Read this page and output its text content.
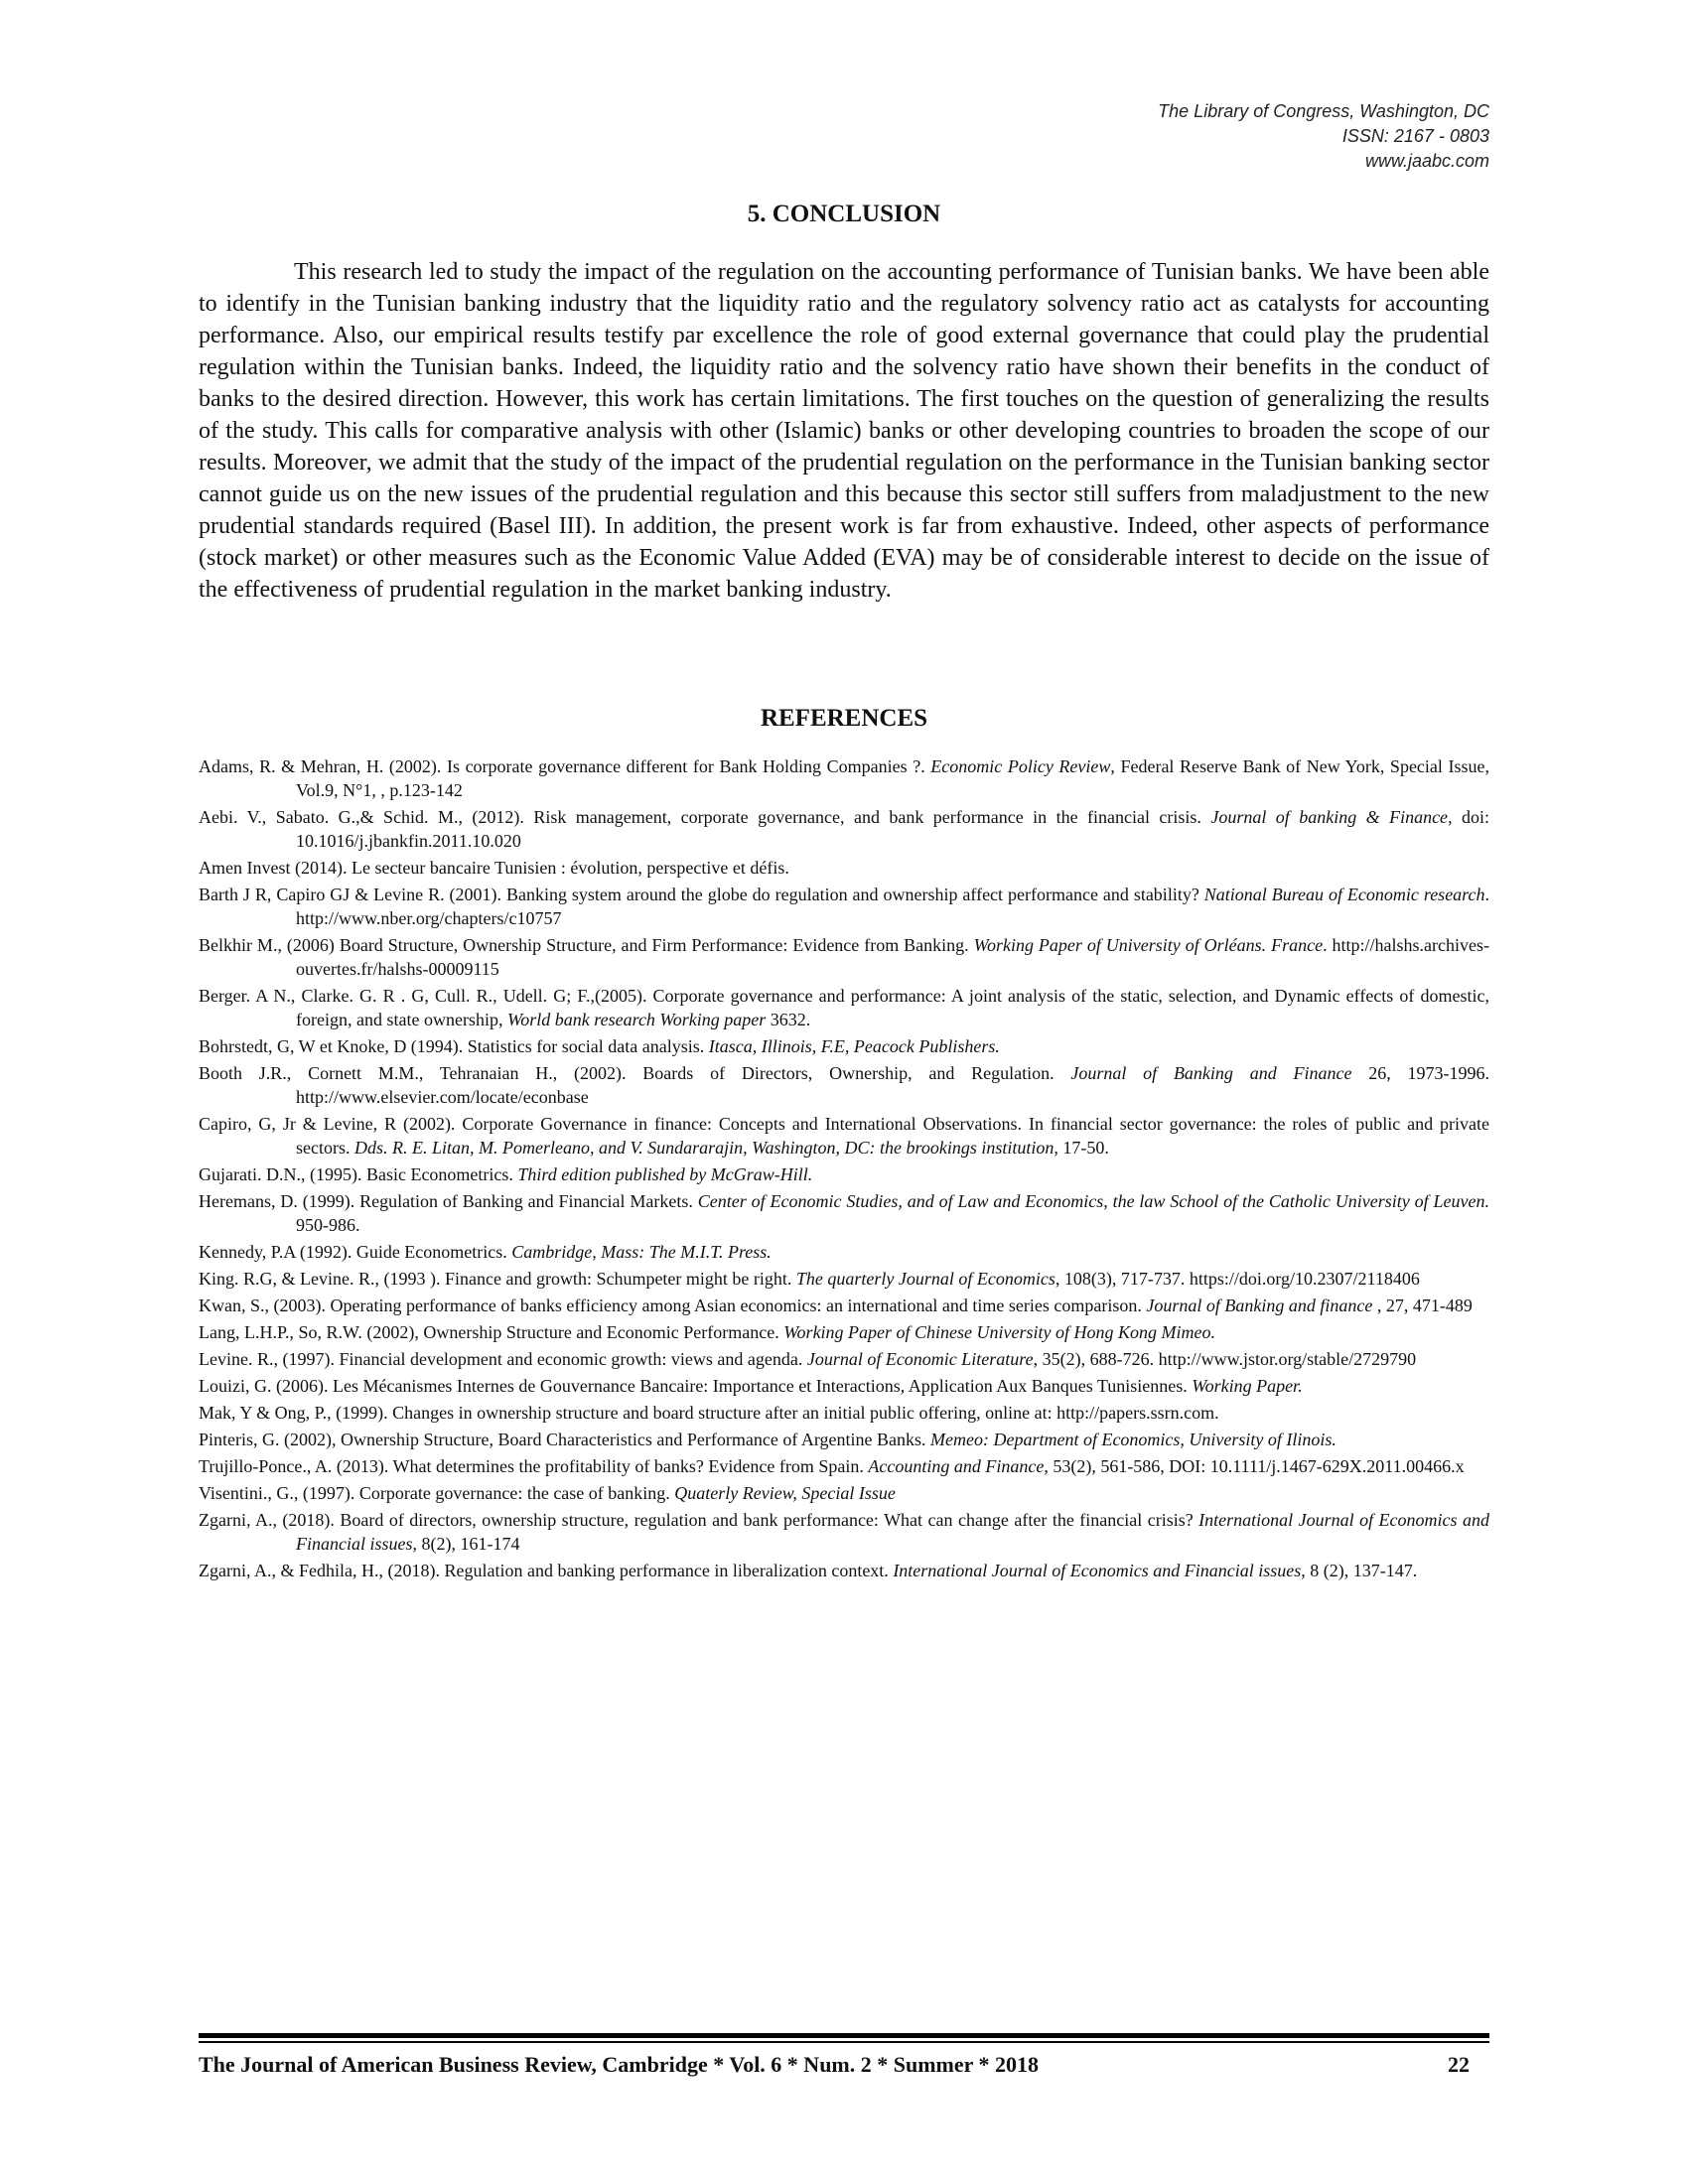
The Library of Congress, Washington, DC
ISSN: 2167 - 0803
www.jaabc.com
5. CONCLUSION

This research led to study the impact of the regulation on the accounting performance of Tunisian banks. We have been able to identify in the Tunisian banking industry that the liquidity ratio and the regulatory solvency ratio act as catalysts for accounting performance. Also, our empirical results testify par excellence the role of good external governance that could play the prudential regulation within the Tunisian banks. Indeed, the liquidity ratio and the solvency ratio have shown their benefits in the conduct of banks to the desired direction. However, this work has certain limitations. The first touches on the question of generalizing the results of the study. This calls for comparative analysis with other (Islamic) banks or other developing countries to broaden the scope of our results. Moreover, we admit that the study of the impact of the prudential regulation on the performance in the Tunisian banking sector cannot guide us on the new issues of the prudential regulation and this because this sector still suffers from maladjustment to the new prudential standards required (Basel III). In addition, the present work is far from exhaustive. Indeed, other aspects of performance (stock market) or other measures such as the Economic Value Added (EVA) may be of considerable interest to decide on the issue of the effectiveness of prudential regulation in the market banking industry.

REFERENCES
Adams, R. & Mehran, H. (2002). Is corporate governance different for Bank Holding Companies ?. Economic Policy Review, Federal Reserve Bank of New York, Special Issue, Vol.9, N°1, , p.123-142
Aebi. V., Sabato. G.,& Schid. M., (2012). Risk management, corporate governance, and bank performance in the financial crisis. Journal of banking & Finance, doi: 10.1016/j.jbankfin.2011.10.020
Amen Invest (2014). Le secteur bancaire Tunisien : évolution, perspective et défis.
Barth J R, Capiro GJ & Levine R. (2001). Banking system around the globe do regulation and ownership affect performance and stability? National Bureau of Economic research. http://www.nber.org/chapters/c10757
Belkhir M., (2006) Board Structure, Ownership Structure, and Firm Performance: Evidence from Banking. Working Paper of University of Orléans. France. http://halshs.archives-ouvertes.fr/halshs-00009115
Berger. A N., Clarke. G. R . G, Cull. R., Udell. G; F.,(2005). Corporate governance and performance: A joint analysis of the static, selection, and Dynamic effects of domestic, foreign, and state ownership, World bank research Working paper 3632.
Bohrstedt, G, W et Knoke, D (1994). Statistics for social data analysis. Itasca, Illinois, F.E, Peacock Publishers.
Booth J.R., Cornett M.M., Tehranaian H., (2002). Boards of Directors, Ownership, and Regulation. Journal of Banking and Finance 26, 1973-1996. http://www.elsevier.com/locate/econbase
Capiro, G, Jr & Levine, R (2002). Corporate Governance in finance: Concepts and International Observations. In financial sector governance: the roles of public and private sectors. Dds. R. E. Litan, M. Pomerleano, and V. Sundararajin, Washington, DC: the brookings institution, 17-50.
Gujarati. D.N., (1995). Basic Econometrics. Third edition published by McGraw-Hill.
Heremans, D. (1999). Regulation of Banking and Financial Markets. Center of Economic Studies, and of Law and Economics, the law School of the Catholic University of Leuven. 950-986.
Kennedy, P.A (1992). Guide Econometrics. Cambridge, Mass: The M.I.T. Press.
King. R.G, & Levine. R., (1993 ). Finance and growth: Schumpeter might be right. The quarterly Journal of Economics, 108(3), 717-737. https://doi.org/10.2307/2118406
Kwan, S., (2003). Operating performance of banks efficiency among Asian economics: an international and time series comparison. Journal of Banking and finance , 27, 471-489
Lang, L.H.P., So, R.W. (2002), Ownership Structure and Economic Performance. Working Paper of Chinese University of Hong Kong Mimeo.
Levine. R., (1997). Financial development and economic growth: views and agenda. Journal of Economic Literature, 35(2), 688-726. http://www.jstor.org/stable/2729790
Louizi, G. (2006). Les Mécanismes Internes de Gouvernance Bancaire: Importance et Interactions, Application Aux Banques Tunisiennes. Working Paper.
Mak, Y & Ong, P., (1999). Changes in ownership structure and board structure after an initial public offering, online at: http://papers.ssrn.com.
Pinteris, G. (2002), Ownership Structure, Board Characteristics and Performance of Argentine Banks. Memeo: Department of Economics, University of Ilinois.
Trujillo-Ponce., A. (2013). What determines the profitability of banks? Evidence from Spain. Accounting and Finance, 53(2), 561-586, DOI: 10.1111/j.1467-629X.2011.00466.x
Visentini., G., (1997). Corporate governance: the case of banking. Quaterly Review, Special Issue
Zgarni, A., (2018). Board of directors, ownership structure, regulation and bank performance: What can change after the financial crisis? International Journal of Economics and Financial issues, 8(2), 161-174
Zgarni, A., & Fedhila, H., (2018). Regulation and banking performance in liberalization context. International Journal of Economics and Financial issues, 8 (2), 137-147.
The Journal of American Business Review, Cambridge * Vol. 6 * Num. 2 * Summer * 2018	22
